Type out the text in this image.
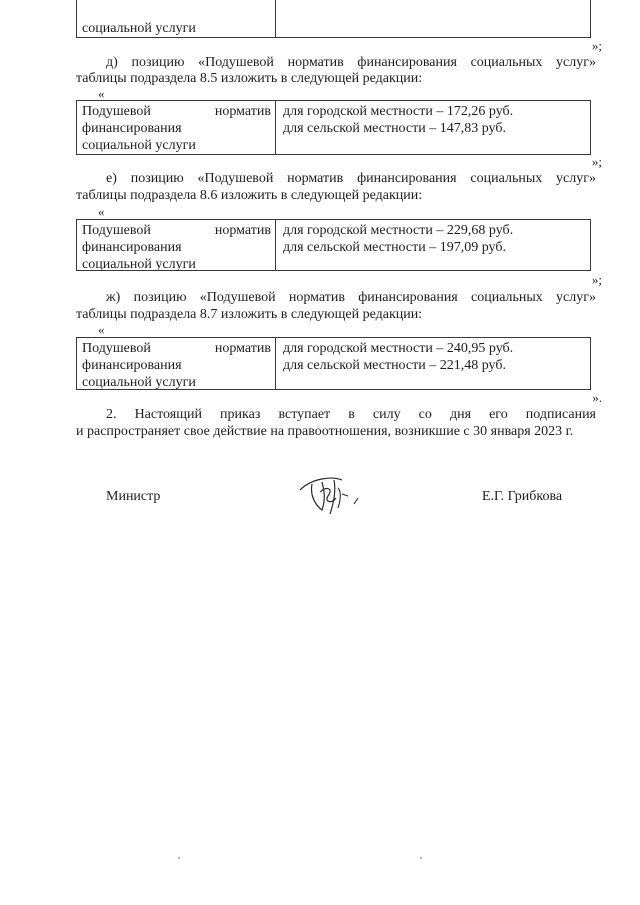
социальной услуги
»;
д) позицию «Подушевой норматив финансирования социальных услуг»
таблицы подраздела 8.5 изложить в следующей редакции:
«
Подушевой	норматив
финансирования
социальной услуги
для городской местности – 172,26 руб.
для сельской местности – 147,83 руб.
»;
е) позицию «Подушевой норматив финансирования социальных услуг»
таблицы подраздела 8.6 изложить в следующей редакции:
«
Подушевой	норматив
финансирования
социальной услуги
для городской местности – 229,68 руб.
для сельской местности – 197,09 руб.
»;
ж) позицию «Подушевой норматив финансирования социальных услуг»
таблицы подраздела 8.7 изложить в следующей редакции:
«
Подушевой	норматив
финансирования
социальной услуги
для городской местности – 240,95 руб.
для сельской местности – 221,48 руб.
».
2. Настоящий приказ вступает в силу со дня его подписания
и распространяет свое действие на правоотношения, возникшие с 30 января 2023 г.
Министр	Е.Г. Грибкова
